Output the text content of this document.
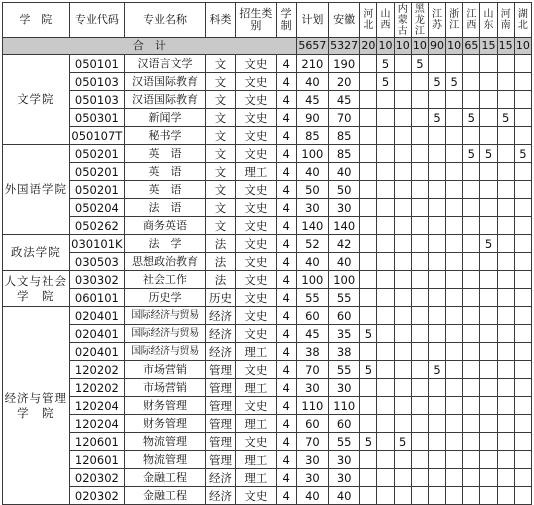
学　院	专业代码	专业名称	科类	招生类别	学制	计划	安徽	河北	山西	内蒙古	黑龙江	江苏	浙江	江西	山东	河南	湖北
合　计						5657	5327	20	10	10	10	90	10	65	15	15	10
文学院	050101	汉语言文学	文	文史	4	210	190		5		5						
	050103	汉语国际教育	文	文史	4	40	20		5			5	5				
	050103	汉语国际教育	文	文史	4	45	45										
	050301	新闻学	文	文史	4	90	70					5		5		5	
	050107T	秘书学	文	文史	4	85	85										
外国语学院	050201	英　语	文	文史	4	100	85							5	5		5
	050201	英　语	文	理工	4	40	40										
	050201	英　语	文	文史	4	50	50										
	050204	法　语	文	文史	4	30	30										
	050262	商务英语	文	文史	4	140	140										
政法学院	030101K	法　学	法	文史	4	52	42								5		
	030503	思想政治教育	法	文史	4	40	40										
人文与社会学　院	030302	社会工作	法	文史	4	100	100										
	060101	历史学	历史	文史	4	55	55										
经济与管理学　院	020401	国际经济与贸易	经济	文史	4	60	60										
	020401	国际经济与贸易	经济	文史	4	45	35	5									
	020401	国际经济与贸易	经济	理工	4	38	38										
	120202	市场营销	管理	文史	4	70	55	5				5					
	120202	市场营销	管理	理工	4	30	30										
	120204	财务管理	管理	文史	4	110	110										
	120204	财务管理	管理	理工	4	60	60										
	120601	物流管理	管理	文史	4	70	55	5		5							
	120601	物流管理	管理	理工	4	30	30										
	020302	金融工程	经济	理工	4	30	30										
	020302	金融工程	经济	文史	4	40	40										
